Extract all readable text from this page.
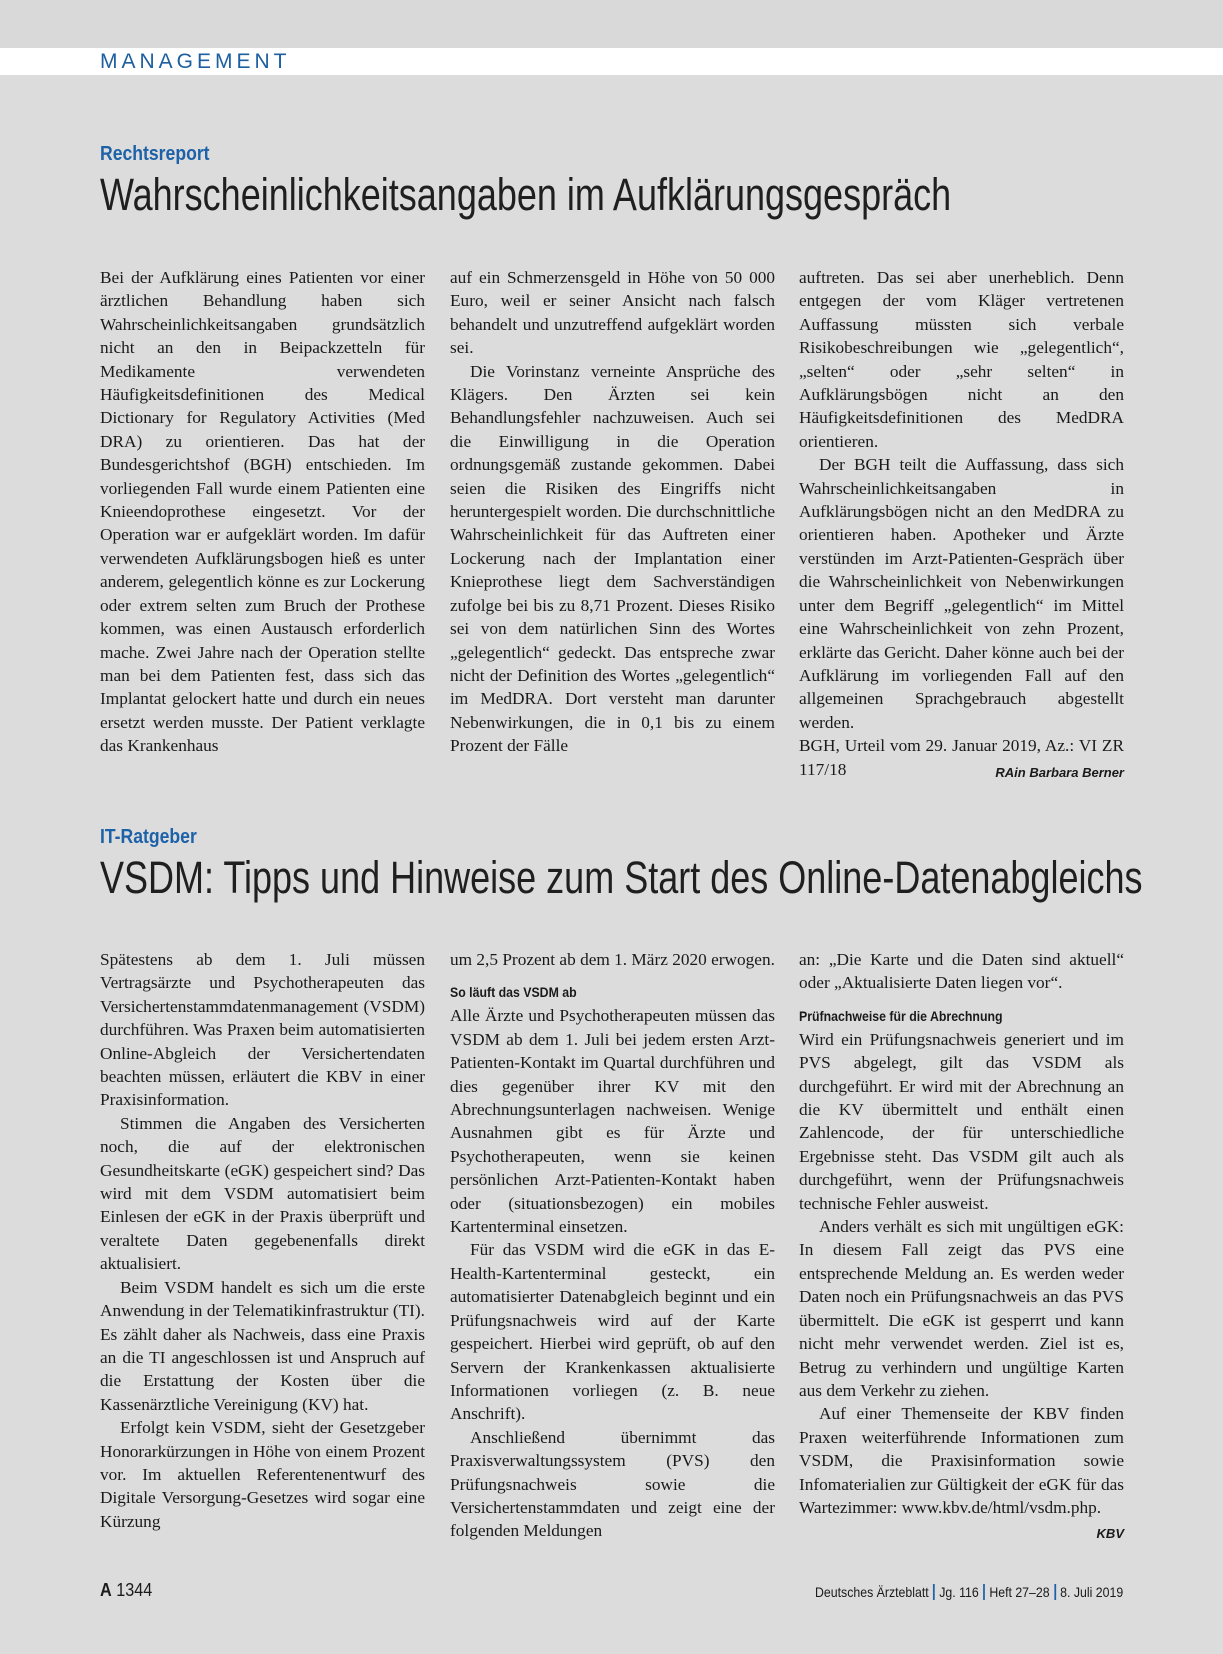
MANAGEMENT
Rechtsreport
Wahrscheinlichkeitsangaben im Aufklärungsgespräch

Bei der Aufklärung eines Patienten vor einer ärztlichen Behandlung haben sich Wahrscheinlichkeitsangaben grundsätzlich nicht an den in Beipackzetteln für Medikamente verwendeten Häufigkeitsdefinitionen des Medical Dictionary for Regulatory Activities (Med DRA) zu orientieren. Das hat der Bundesgerichtshof (BGH) entschieden. Im vorliegenden Fall wurde einem Patienten eine Knieendoprothese eingesetzt. Vor der Operation war er aufgeklärt worden. Im dafür verwendeten Aufklärungsbogen hieß es unter anderem, gelegentlich könne es zur Lockerung oder extrem selten zum Bruch der Prothese kommen, was einen Austausch erforderlich mache. Zwei Jahre nach der Operation stellte man bei dem Patienten fest, dass sich das Implantat gelockert hatte und durch ein neues ersetzt werden musste. Der Patient verklagte das Krankenhaus

auf ein Schmerzensgeld in Höhe von 50 000 Euro, weil er seiner Ansicht nach falsch behandelt und unzutreffend aufgeklärt worden sei.

Die Vorinstanz verneinte Ansprüche des Klägers. Den Ärzten sei kein Behandlungsfehler nachzuweisen. Auch sei die Einwilligung in die Operation ordnungsgemäß zustande gekommen. Dabei seien die Risiken des Eingriffs nicht heruntergespielt worden. Die durchschnittliche Wahrscheinlichkeit für das Auftreten einer Lockerung nach der Implantation einer Knieprothese liegt dem Sachverständigen zufolge bei bis zu 8,71 Prozent. Dieses Risiko sei von dem natürlichen Sinn des Wortes „gelegentlich“ gedeckt. Das entspreche zwar nicht der Definition des Wortes „gelegentlich“ im MedDRA. Dort versteht man darunter Nebenwirkungen, die in 0,1 bis zu einem Prozent der Fälle

auftreten. Das sei aber unerheblich. Denn entgegen der vom Kläger vertretenen Auffassung müssten sich verbale Risikobeschreibungen wie „gelegentlich“, „selten“ oder „sehr selten“ in Aufklärungsbögen nicht an den Häufigkeitsdefinitionen des MedDRA orientieren.

Der BGH teilt die Auffassung, dass sich Wahrscheinlichkeitsangaben in Aufklärungsbögen nicht an den MedDRA zu orientieren haben. Apotheker und Ärzte verstünden im Arzt-Patienten-Gespräch über die Wahrscheinlichkeit von Nebenwirkungen unter dem Begriff „gelegentlich“ im Mittel eine Wahrscheinlichkeit von zehn Prozent, erklärte das Gericht. Daher könne auch bei der Aufklärung im vorliegenden Fall auf den allgemeinen Sprachgebrauch abgestellt werden.

BGH, Urteil vom 29. Januar 2019, Az.: VI ZR 117/18	RAin Barbara Berner

IT-Ratgeber
VSDM: Tipps und Hinweise zum Start des Online-Datenabgleichs

Spätestens ab dem 1. Juli müssen Vertragsärzte und Psychotherapeuten das Versichertenstammdatenmanagement (VSDM) durchführen. Was Praxen beim automatisierten Online-Abgleich der Versichertendaten beachten müssen, erläutert die KBV in einer Praxisinformation.

Stimmen die Angaben des Versicherten noch, die auf der elektronischen Gesundheitskarte (eGK) gespeichert sind? Das wird mit dem VSDM automatisiert beim Einlesen der eGK in der Praxis überprüft und veraltete Daten gegebenenfalls direkt aktualisiert.

Beim VSDM handelt es sich um die erste Anwendung in der Telematikinfrastruktur (TI). Es zählt daher als Nachweis, dass eine Praxis an die TI angeschlossen ist und Anspruch auf die Erstattung der Kosten über die Kassenärztliche Vereinigung (KV) hat.

Erfolgt kein VSDM, sieht der Gesetzgeber Honorarkürzungen in Höhe von einem Prozent vor. Im aktuellen Referentenentwurf des Digitale Versorgung-Gesetzes wird sogar eine Kürzung

um 2,5 Prozent ab dem 1. März 2020 erwogen.

So läuft das VSDM ab

Alle Ärzte und Psychotherapeuten müssen das VSDM ab dem 1. Juli bei jedem ersten Arzt-Patienten-Kontakt im Quartal durchführen und dies gegenüber ihrer KV mit den Abrechnungsunterlagen nachweisen. Wenige Ausnahmen gibt es für Ärzte und Psychotherapeuten, wenn sie keinen persönlichen Arzt-Patienten-Kontakt haben oder (situationsbezogen) ein mobiles Kartenterminal einsetzen.

Für das VSDM wird die eGK in das E-Health-Kartenterminal gesteckt, ein automatisierter Datenabgleich beginnt und ein Prüfungsnachweis wird auf der Karte gespeichert. Hierbei wird geprüft, ob auf den Servern der Krankenkassen aktualisierte Informationen vorliegen (z. B. neue Anschrift).

Anschließend übernimmt das Praxisverwaltungssystem (PVS) den Prüfungsnachweis sowie die Versichertenstammdaten und zeigt eine der folgenden Meldungen

an: „Die Karte und die Daten sind aktuell“ oder „Aktualisierte Daten liegen vor“.

Prüfnachweise für die Abrechnung

Wird ein Prüfungsnachweis generiert und im PVS abgelegt, gilt das VSDM als durchgeführt. Er wird mit der Abrechnung an die KV übermittelt und enthält einen Zahlencode, der für unterschiedliche Ergebnisse steht. Das VSDM gilt auch als durchgeführt, wenn der Prüfungsnachweis technische Fehler ausweist.

Anders verhält es sich mit ungültigen eGK: In diesem Fall zeigt das PVS eine entsprechende Meldung an. Es werden weder Daten noch ein Prüfungsnachweis an das PVS übermittelt. Die eGK ist gesperrt und kann nicht mehr verwendet werden. Ziel ist es, Betrug zu verhindern und ungültige Karten aus dem Verkehr zu ziehen.

Auf einer Themenseite der KBV finden Praxen weiterführende Informationen zum VSDM, die Praxisinformation sowie Infomaterialien zur Gültigkeit der eGK für das Wartezimmer: www.kbv.de/html/vsdm.php.
KBV

A 1344	Deutsches Ärzteblatt Jg. 116 Heft 27–28 8. Juli 2019
